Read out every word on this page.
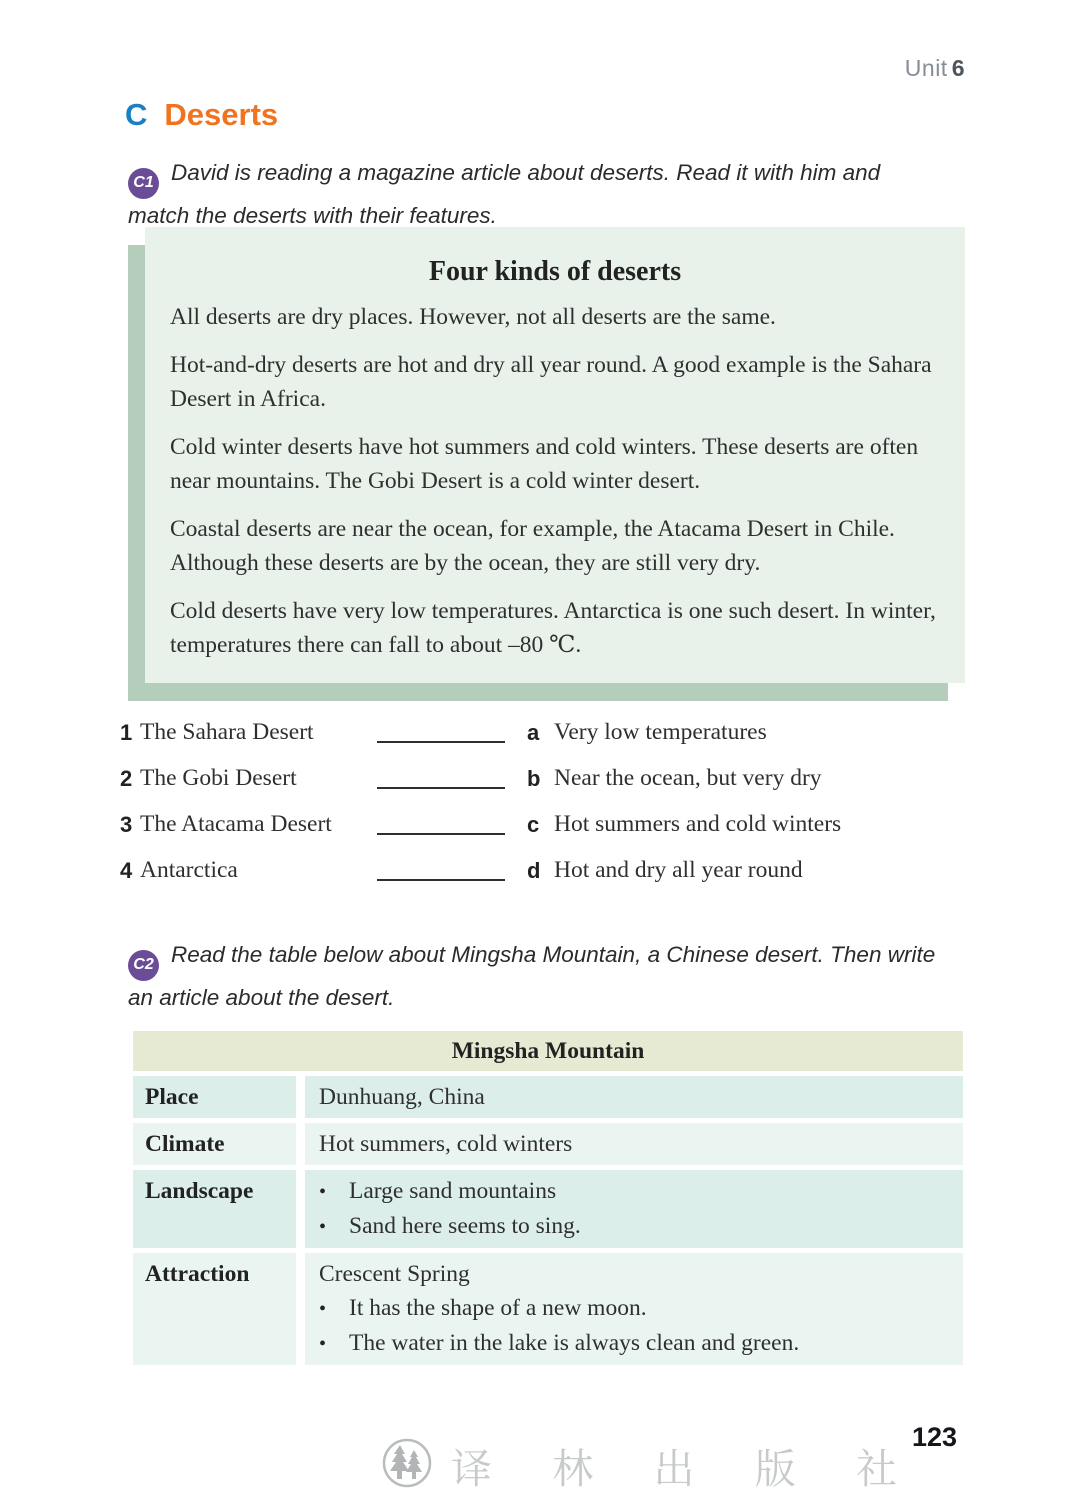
Unit 6
C Deserts
C1 David is reading a magazine article about deserts. Read it with him and match the deserts with their features.
Four kinds of deserts

All deserts are dry places. However, not all deserts are the same.

Hot-and-dry deserts are hot and dry all year round. A good example is the Sahara Desert in Africa.

Cold winter deserts have hot summers and cold winters. These deserts are often near mountains. The Gobi Desert is a cold winter desert.

Coastal deserts are near the ocean, for example, the Atacama Desert in Chile. Although these deserts are by the ocean, they are still very dry.

Cold deserts have very low temperatures. Antarctica is one such desert. In winter, temperatures there can fall to about –80 ℃.

1 The Sahara Desert	a Very low temperatures
2 The Gobi Desert	b Near the ocean, but very dry
3 The Atacama Desert	c Hot summers and cold winters
4 Antarctica	d Hot and dry all year round
C2 Read the table below about Mingsha Mountain, a Chinese desert. Then write an article about the desert.
Mingsha Mountain
Place	Dunhuang, China
Climate	Hot summers, cold winters
Landscape	• Large sand mountains
• Sand here seems to sing.
Attraction	Crescent Spring
• It has the shape of a new moon.
• The water in the lake is always clean and green.
123
译 林 出 版 社
